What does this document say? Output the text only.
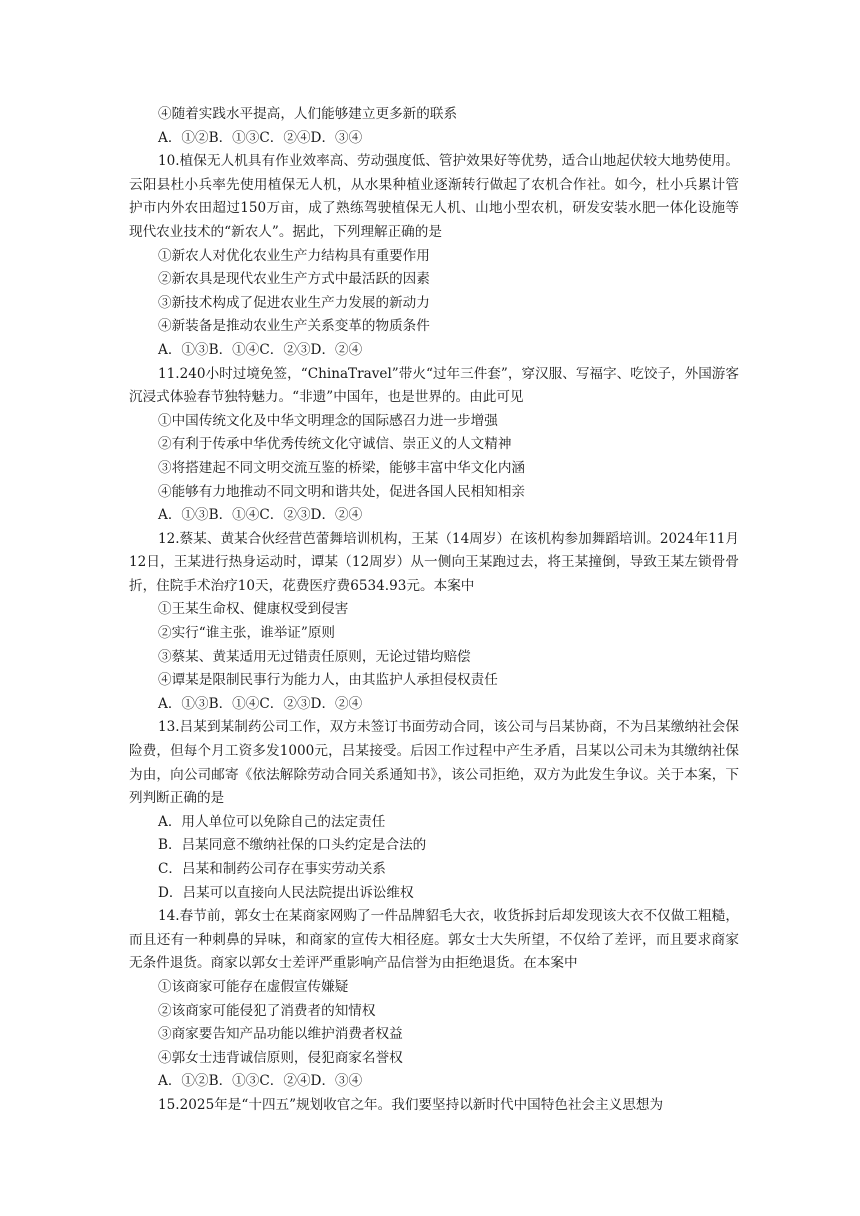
④随着实践水平提高，人们能够建立更多新的联系
A．①②B．①③C．②④D．③④
10.植保无人机具有作业效率高、劳动强度低、管护效果好等优势，适合山地起伏较大地势使用。云阳县杜小兵率先使用植保无人机，从水果种植业逐渐转行做起了农机合作社。如今，杜小兵累计管护市内外农田超过150万亩，成了熟练驾驶植保无人机、山地小型农机，研发安装水肥一体化设施等现代农业技术的“新农人”。据此，下列理解正确的是
①新农人对优化农业生产力结构具有重要作用
②新农具是现代农业生产方式中最活跃的因素
③新技术构成了促进农业生产力发展的新动力
④新装备是推动农业生产关系变革的物质条件
A．①③B．①④C．②③D．②④
11.240小时过境免签，“ChinaTravel”带火“过年三件套”，穿汉服、写福字、吃饺子，外国游客沉浸式体验春节独特魅力。“非遗”中国年，也是世界的。由此可见
①中国传统文化及中华文明理念的国际感召力进一步增强
②有利于传承中华优秀传统文化守诚信、崇正义的人文精神
③将搭建起不同文明交流互鉴的桥梁，能够丰富中华文化内涵
④能够有力地推动不同文明和谐共处，促进各国人民相知相亲
A．①③B．①④C．②③D．②④
12.蔡某、黄某合伙经营芭蕾舞培训机构，王某（14周岁）在该机构参加舞蹈培训。2024年11月12日，王某进行热身运动时，谭某（12周岁）从一侧向王某跑过去，将王某撞倒，导致王某左锁骨骨折，住院手术治疗10天，花费医疗费6534.93元。本案中
①王某生命权、健康权受到侵害
②实行“谁主张，谁举证”原则
③蔡某、黄某适用无过错责任原则，无论过错均赔偿
④谭某是限制民事行为能力人，由其监护人承担侵权责任
A．①③B．①④C．②③D．②④
13.吕某到某制药公司工作，双方未签订书面劳动合同，该公司与吕某协商，不为吕某缴纳社会保险费，但每个月工资多发1000元，吕某接受。后因工作过程中产生矛盾，吕某以公司未为其缴纳社保为由，向公司邮寄《依法解除劳动合同关系通知书》，该公司拒绝，双方为此发生争议。关于本案，下列判断正确的是
A．用人单位可以免除自己的法定责任
B．吕某同意不缴纳社保的口头约定是合法的
C．吕某和制药公司存在事实劳动关系
D．吕某可以直接向人民法院提出诉讼维权
14.春节前，郭女士在某商家网购了一件品牌貂毛大衣，收货拆封后却发现该大衣不仅做工粗糙，而且还有一种刺鼻的异味，和商家的宣传大相径庭。郭女士大失所望，不仅给了差评，而且要求商家无条件退货。商家以郭女士差评严重影响产品信誉为由拒绝退货。在本案中
①该商家可能存在虚假宣传嫌疑
②该商家可能侵犯了消费者的知情权
③商家要告知产品功能以维护消费者权益
④郭女士违背诚信原则，侵犯商家名誉权
A．①②B．①③C．②④D．③④
15.2025年是“十四五”规划收官之年。我们要坚持以新时代中国特色社会主义思想为
